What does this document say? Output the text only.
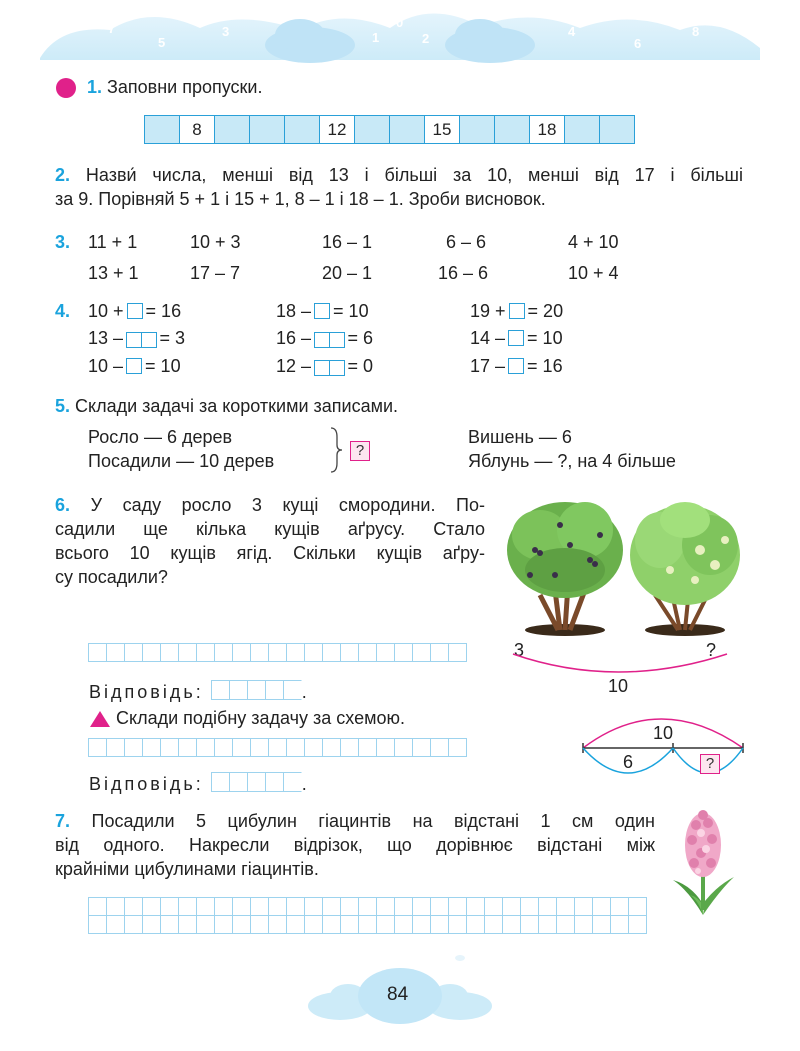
7
5
3	1
0
2	4
6
8
1. Заповни пропуски.
8	12	15	18
2. Назви́ числа, менші від 13 і більші за 10, менші від 17 і більші
за 9. Порівняй 5 + 1 і 15 + 1, 8 – 1 і 18 – 1. Зроби висновок.
3. 11 + 1	10 + 3	16 – 1	6 – 6	4 + 10
13 + 1	17 – 7	20 – 1	16 – 6	10 + 4
4. 10 + = 16	18 – = 10	19 + = 20
13 – = 3	16 – = 6	14 – = 10
10 – = 10	12 – = 0	17 – = 16
5. Склади задачі за короткими записами.
Росло — 6 дерев
Посадили — 10 дерев
?
Вишень — 6
Яблунь — ?, на 4 більше
6. У саду росло 3 кущі смородини. По-
садили ще кілька кущів аґрусу. Стало
всього 10 кущів ягід. Скільки кущів аґру-
су посадили?
3	?
10
Відповідь:	.
Склади подібну задачу за схемою.
Відповідь:	.
10
6	?
7. Посадили 5 цибулин гіацинтів на відстані 1 см один
від одного. Накресли відрізок, що дорівнює відстані між
крайніми цибулинами гіацинтів.
84
